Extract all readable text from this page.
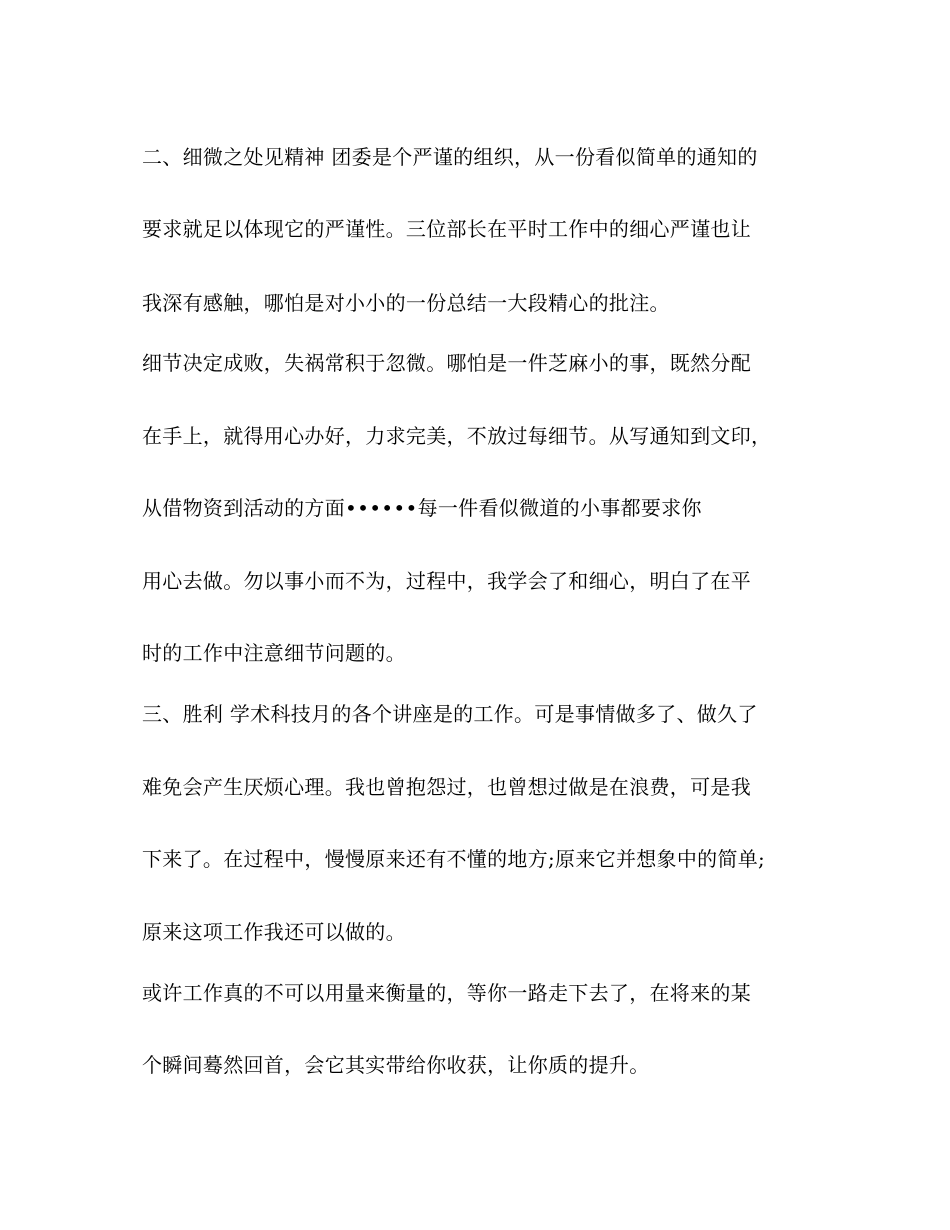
二、细微之处见精神 团委是个严谨的组织，从一份看似简单的通知的

要求就足以体现它的严谨性。三位部长在平时工作中的细心严谨也让

我深有感触，哪怕是对小小的一份总结一大段精心的批注。

细节决定成败，失祸常积于忽微。哪怕是一件芝麻小的事，既然分配

在手上，就得用心办好，力求完美，不放过每细节。从写通知到文印，

从借物资到活动的方面••••••每一件看似微道的小事都要求你

用心去做。勿以事小而不为，过程中，我学会了和细心，明白了在平

时的工作中注意细节问题的。

三、胜利 学术科技月的各个讲座是的工作。可是事情做多了、做久了

难免会产生厌烦心理。我也曾抱怨过，也曾想过做是在浪费，可是我

下来了。在过程中，慢慢原来还有不懂的地方;原来它并想象中的简单;

原来这项工作我还可以做的。

或许工作真的不可以用量来衡量的，等你一路走下去了，在将来的某

个瞬间蓦然回首，会它其实带给你收获，让你质的提升。
